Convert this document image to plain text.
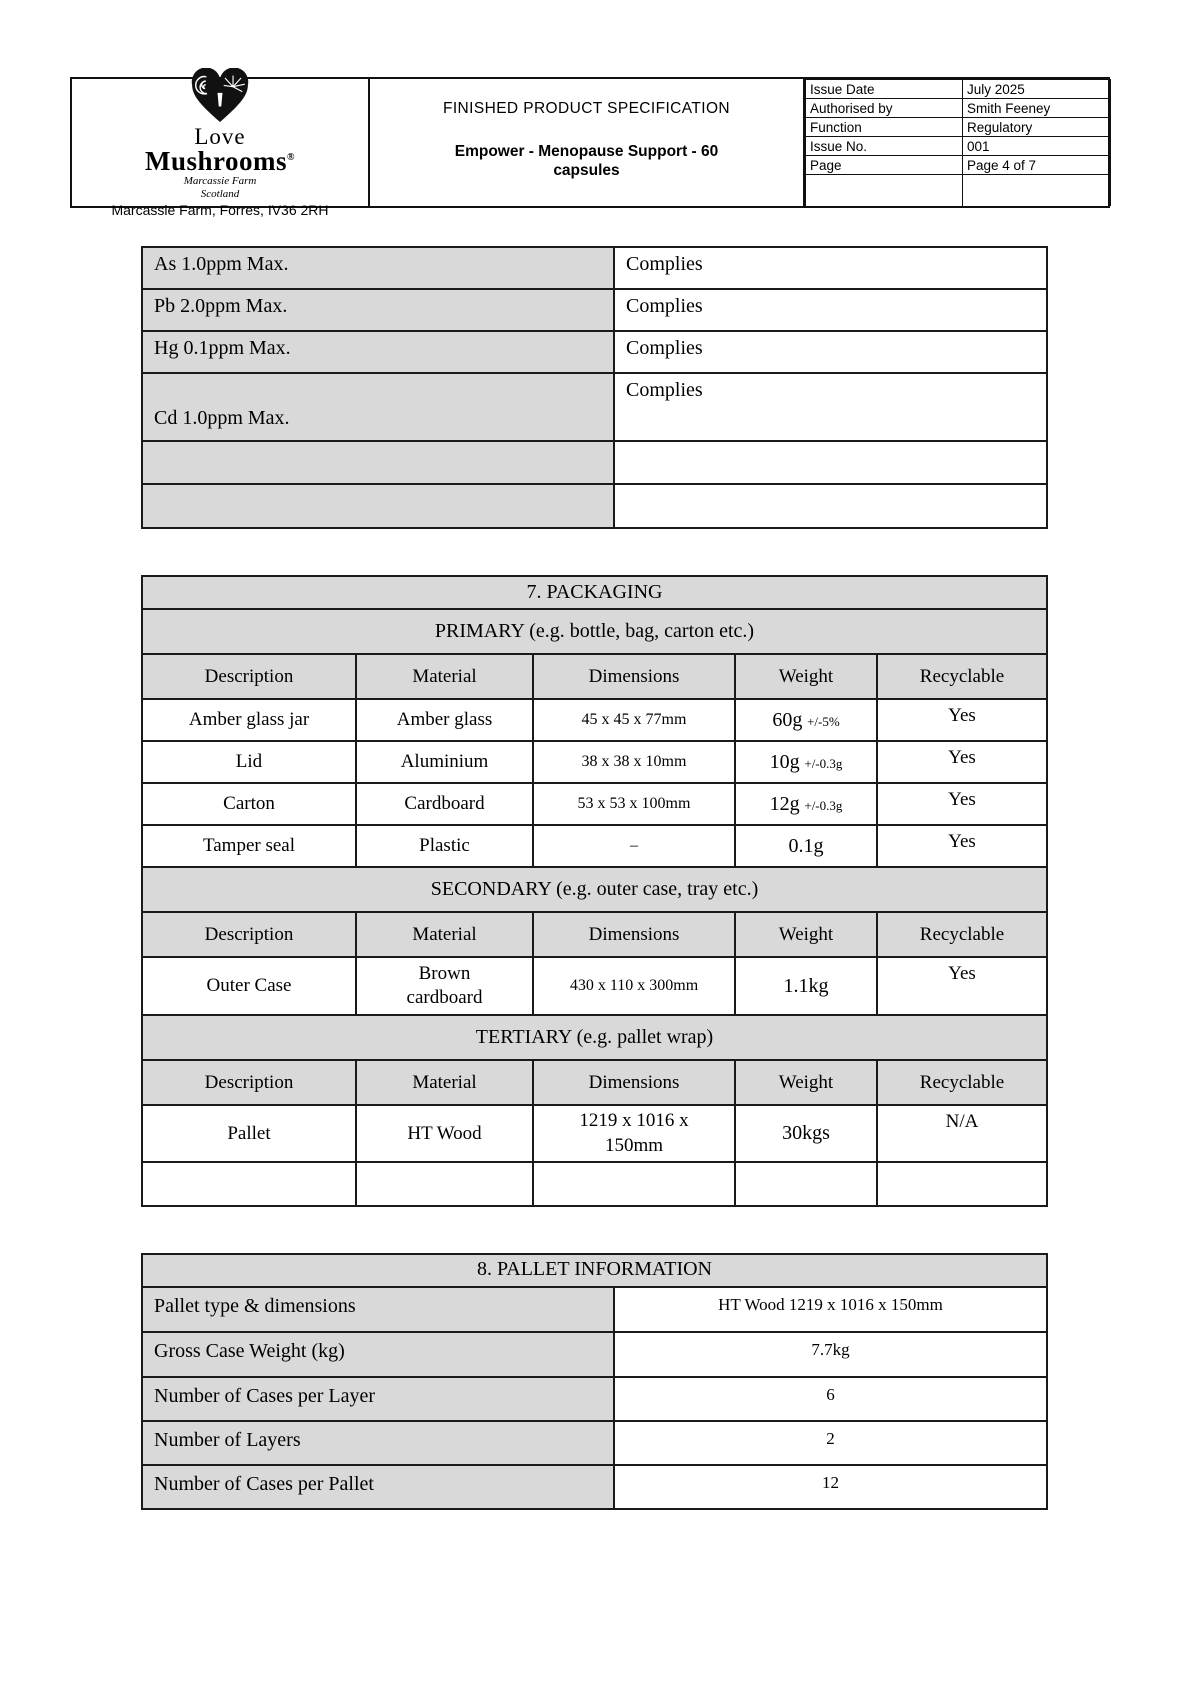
Love
Mushrooms®
Marcassie Farm
Scotland
Marcassie Farm, Forres, IV36 2RH
FINISHED PRODUCT SPECIFICATION
Empower - Menopause Support - 60 capsules
Issue Date	July 2025
Authorised by	Smith Feeney
Function	Regulatory
Issue No.	001
Page	Page 4 of 7

As 1.0ppm Max.	Complies
Pb 2.0ppm Max.	Complies
Hg 0.1ppm Max.	Complies
Cd 1.0ppm Max.	Complies

7. PACKAGING				
PRIMARY (e.g. bottle, bag, carton etc.)				
Description	Material	Dimensions	Weight	Recyclable
Amber glass jar	Amber glass	45 x 45 x 77mm	60g +/-5%	Yes
Lid	Aluminium	38 x 38 x 10mm	10g +/-0.3g	Yes
Carton	Cardboard	53 x 53 x 100mm	12g +/-0.3g	Yes
Tamper seal	Plastic	–	0.1g	Yes
SECONDARY (e.g. outer case, tray etc.)				
Description	Material	Dimensions	Weight	Recyclable
Outer Case	Brown cardboard	430 x 110 x 300mm	1.1kg	Yes
TERTIARY (e.g. pallet wrap)				
Description	Material	Dimensions	Weight	Recyclable
Pallet	HT Wood	1219 x 1016 x 150mm	30kgs	N/A

8. PALLET INFORMATION	
Pallet type & dimensions	HT Wood 1219 x 1016 x 150mm
Gross Case Weight (kg)	7.7kg
Number of Cases per Layer	6
Number of Layers	2
Number of Cases per Pallet	12
